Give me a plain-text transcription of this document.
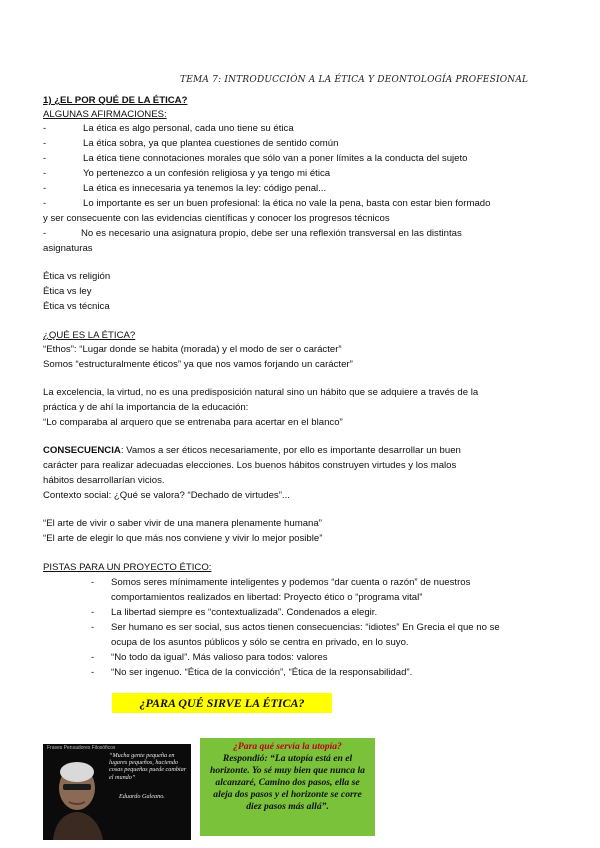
TEMA 7: INTRODUCCIÓN A LA ÉTICA Y DEONTOLOGÍA PROFESIONAL
1) ¿EL POR QUÉ DE LA ÉTICA?
ALGUNAS AFIRMACIONES:
-	La ética es algo personal, cada uno tiene su ética
-	La ética sobra, ya que plantea cuestiones de sentido común
-	La ética tiene connotaciones morales que sólo van a poner límites a la conducta del sujeto
-	Yo pertenezco a un confesión religiosa y ya tengo mi ética
-	La ética es innecesaria ya tenemos la ley: código penal...
-	Lo importante es ser un buen profesional: la ética no vale la pena, basta con estar bien formado
y ser consecuente con las evidencias científicas y conocer los progresos técnicos
-	No es necesario una asignatura propio, debe ser una reflexión transversal en las distintas
asignaturas
Ética vs religión
Ética vs ley
Ética vs técnica
¿QUÉ ES LA ÉTICA?
“Ethos”: “Lugar donde se habita (morada) y el modo de ser o carácter”
Somos “estructuralmente éticos” ya que nos vamos forjando un carácter”
La excelencia, la virtud, no es una predisposición natural sino un hábito que se adquiere a través de la
práctica y de ahí la importancia de la educación:
“Lo comparaba al arquero que se entrenaba para acertar en el blanco”
CONSECUENCIA: Vamos a ser éticos necesariamente, por ello es importante desarrollar un buen
carácter para realizar adecuadas elecciones. Los buenos hábitos construyen virtudes y los malos
hábitos desarrollarían vicios.
Contexto social: ¿Qué se valora? “Dechado de virtudes”...
“El arte de vivir o saber vivir de una manera plenamente humana”
“El arte de elegir lo que más nos conviene y vivir lo mejor posible”
PISTAS PARA UN PROYECTO ÉTICO:
-	Somos seres mínimamente inteligentes y podemos “dar cuenta o razón” de nuestros
comportamientos realizados en libertad: Proyecto ético o “programa vital”
-	La libertad siempre es “contextualizada”. Condenados a elegir.
-	Ser humano es ser social, sus actos tienen consecuencias: “idiotes” En Grecia el que no se
ocupa de los asuntos públicos y sólo se centra en privado, en lo suyo.
-	“No todo da igual”. Más valioso para todos: valores
-	“No ser ingenuo. “Ética de la convicción”, “Ética de la responsabilidad”.
¿PARA QUÉ SIRVE LA ÉTICA?
Frases Pensadores Filosóficos
“Mucha gente pequeña en lugares pequeños, haciendo cosas pequeñas puede cambiar el mundo”
Eduardo Galeano.
¿Para qué servía la utopía?
Respondió: “La utopía está en el horizonte. Yo sé muy bien que nunca la alcanzaré, Camino dos pasos, ella se aleja dos pasos y el horizonte se corre diez pasos más allá”.
